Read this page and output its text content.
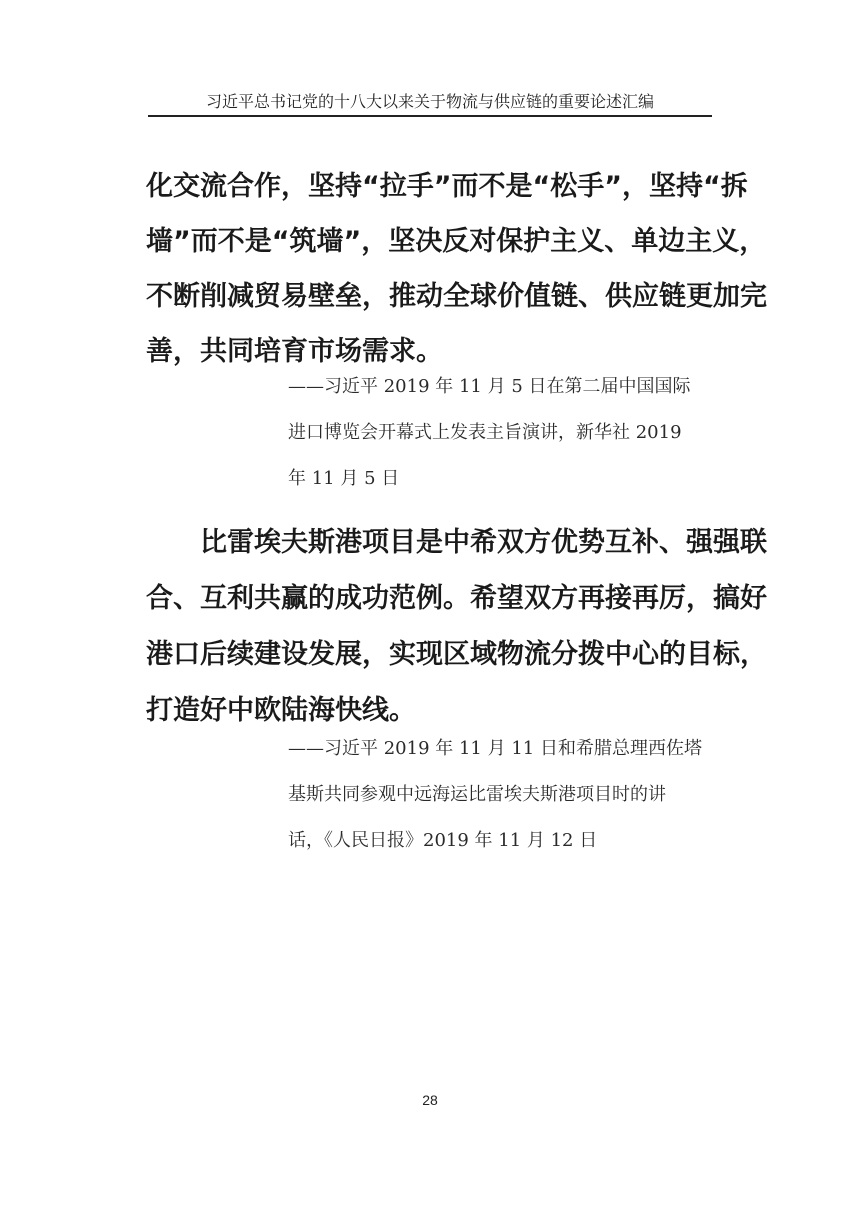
习近平总书记党的十八大以来关于物流与供应链的重要论述汇编
化交流合作，坚持“拉手”而不是“松手”，坚持“拆
墙”而不是“筑墙”，坚决反对保护主义、单边主义，
不断削减贸易壁垒，推动全球价值链、供应链更加完
善，共同培育市场需求。
——习近平 2019 年 11 月 5 日在第二届中国国际
进口博览会开幕式上发表主旨演讲，新华社 2019
年 11 月 5 日
　　比雷埃夫斯港项目是中希双方优势互补、强强联
合、互利共赢的成功范例。希望双方再接再厉，搞好
港口后续建设发展，实现区域物流分拨中心的目标，
打造好中欧陆海快线。
——习近平 2019 年 11 月 11 日和希腊总理西佐塔
基斯共同参观中远海运比雷埃夫斯港项目时的讲
话，《人民日报》2019 年 11 月 12 日
28
